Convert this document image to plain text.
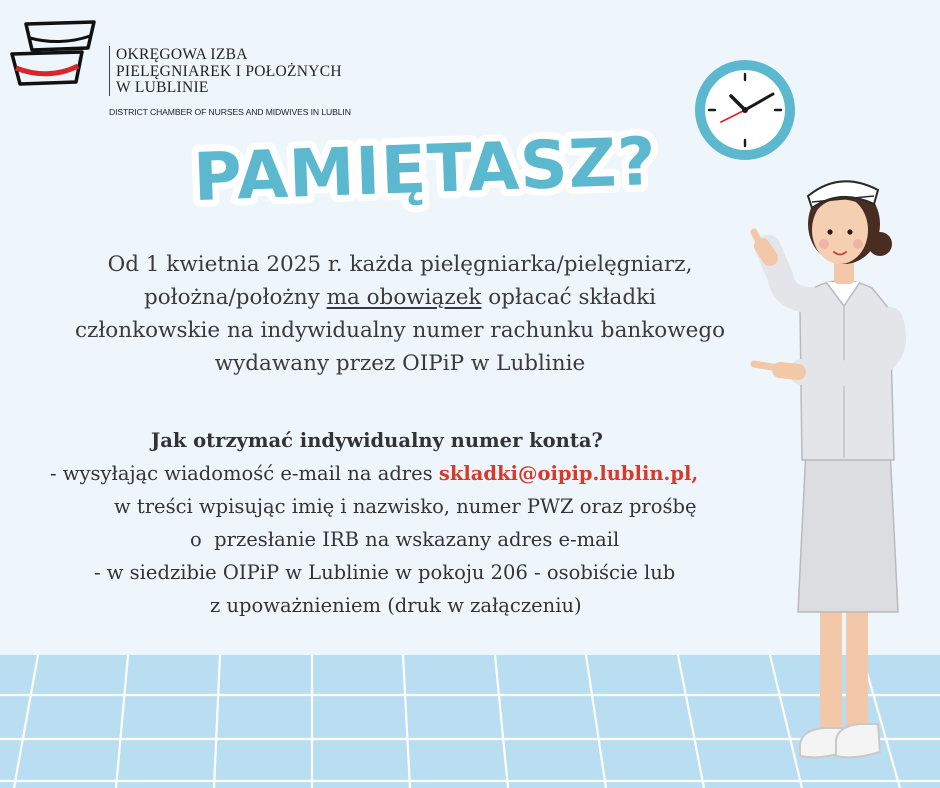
OKRĘGOWA IZBA
PIELĘGNIAREK I POŁOŻNYCH
W LUBLINIE
DISTRICT CHAMBER OF NURSES AND MIDWIVES IN LUBLIN
PAMIĘTASZ?
Od 1 kwietnia 2025 r. każda pielęgniarka/pielęgniarz,
położna/położny ma obowiązek opłacać składki
członkowskie na indywidualny numer rachunku bankowego
wydawany przez OIPiP w Lublinie
Jak otrzymać indywidualny numer konta?
- wysyłając wiadomość e-mail na adres skladki@oipip.lublin.pl,
w treści wpisując imię i nazwisko, numer PWZ oraz prośbę
o  przesłanie IRB na wskazany adres e-mail
- w siedzibie OIPiP w Lublinie w pokoju 206 - osobiście lub
z upoważnieniem (druk w załączeniu)
